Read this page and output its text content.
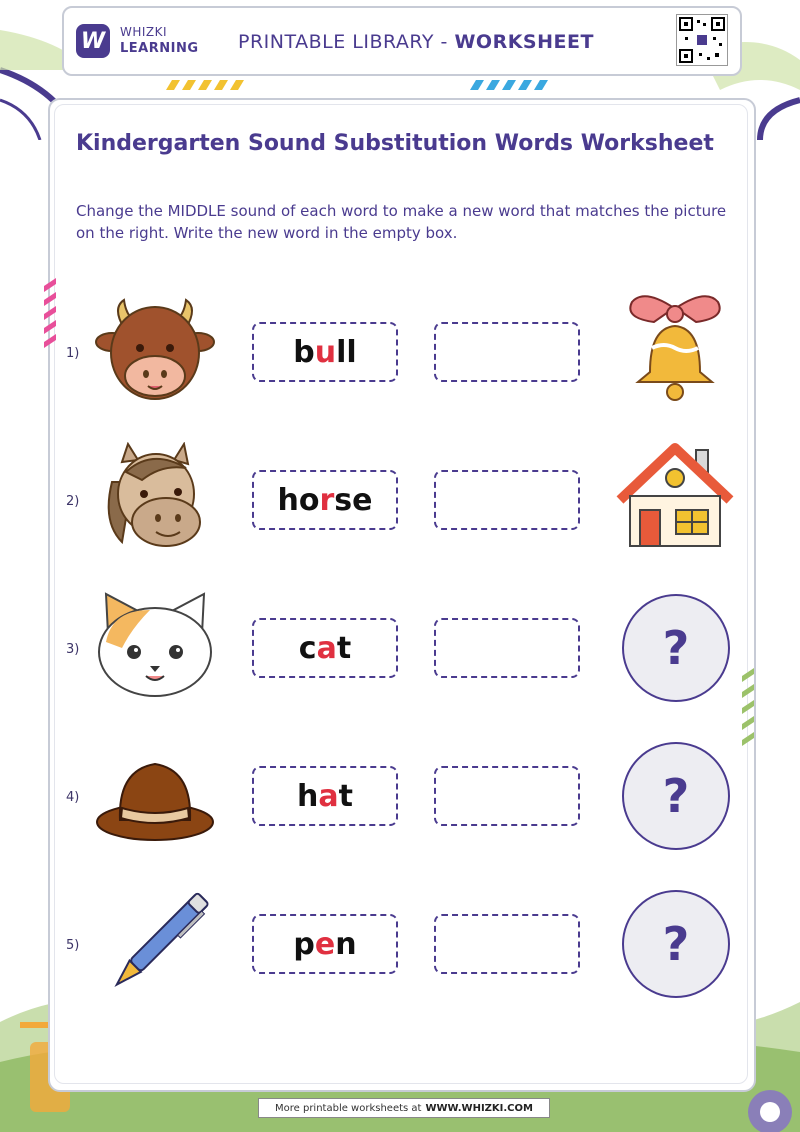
W	WHIZKI
LEARNING PRINTABLE LIBRARY - WORKSHEET
Kindergarten Sound Substitution Words Worksheet
Change the MIDDLE sound of each word to make a new word that matches the picture on the right. Write the new word in the empty box.
1)	b u ll
2)	ho r se
3)	c a t	?
4)	h a t	?
5)	p e n	?
More printable worksheets at WWW.WHIZKI.COM
